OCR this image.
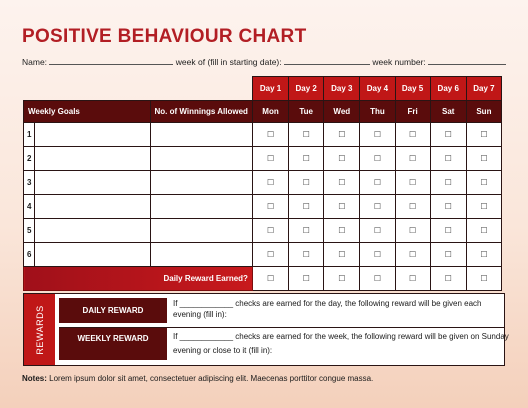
POSITIVE BEHAVIOUR CHART
Name:	week of (fill in starting date):	week number:
			Day 1	Day 2	Day 3	Day 4	Day 5	Day 6	Day 7
Weekly Goals		No. of Winnings Allowed	Mon	Tue	Wed	Thu	Fri	Sat	Sun
1			☐	☐	☐	☐	☐	☐	☐
2			☐	☐	☐	☐	☐	☐	☐
3			☐	☐	☐	☐	☐	☐	☐
4			☐	☐	☐	☐	☐	☐	☐
5			☐	☐	☐	☐	☐	☐	☐
6			☐	☐	☐	☐	☐	☐	☐
Daily Reward Earned?			☐	☐	☐	☐	☐	☐	☐
REWARDS	DAILY REWARD
If ____________ checks are earned for the day, the following reward will be given each evening (fill in):
WEEKLY REWARD	If ____________ checks are earned for the week, the following reward will be given on Sunday
evening or close to it (fill in):
Notes: Lorem ipsum dolor sit amet, consectetuer adipiscing elit. Maecenas porttitor congue massa.
